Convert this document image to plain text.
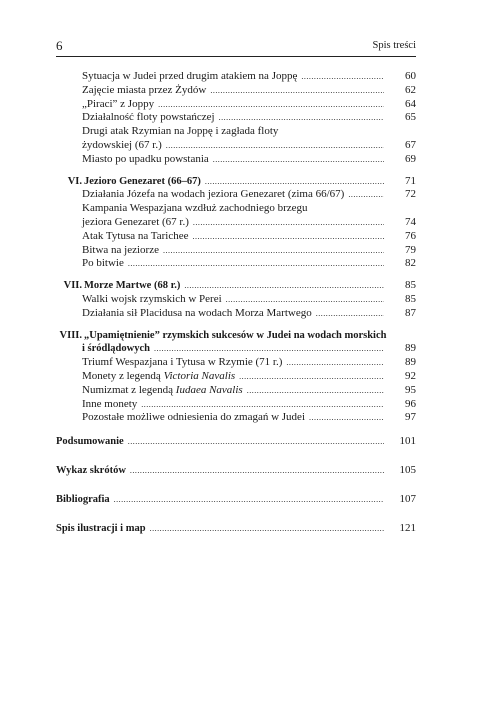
6	Spis treści
Sytuacja w Judei przed drugim atakiem na Joppę .....	60
Zajęcie miasta przez Żydów .....	62
„Piraci” z Joppy .....	64
Działalność floty powstańczej .....	65
Drugi atak Rzymian na Joppę i zagłada floty
żydowskiej (67 r.) .....	67
Miasto po upadku powstania .....	69
VI. Jezioro Genezaret (66–67) .....	71
Działania Józefa na wodach jeziora Genezaret (zima 66/67) .....	72
Kampania Wespazjana wzdłuż zachodniego brzegu
jeziora Genezaret (67 r.) .....	74
Atak Tytusa na Tarichee .....	76
Bitwa na jeziorze .....	79
Po bitwie .....	82
VII. Morze Martwe (68 r.) .....	85
Walki wojsk rzymskich w Perei .....	85
Działania sił Placidusa na wodach Morza Martwego .....	87
VIII. „Upamiętnienie” rzymskich sukcesów w Judei na wodach morskich
i śródlądowych .....	89
Triumf Wespazjana i Tytusa w Rzymie (71 r.) .....	89
Monety z legendą Victoria Navalis .....	92
Numizmat z legendą Iudaea Navalis .....	95
Inne monety .....	96
Pozostałe możliwe odniesienia do zmagań w Judei .....	97
Podsumowanie .....	101
Wykaz skrótów .....	105
Bibliografia .....	107
Spis ilustracji i map .....	121
